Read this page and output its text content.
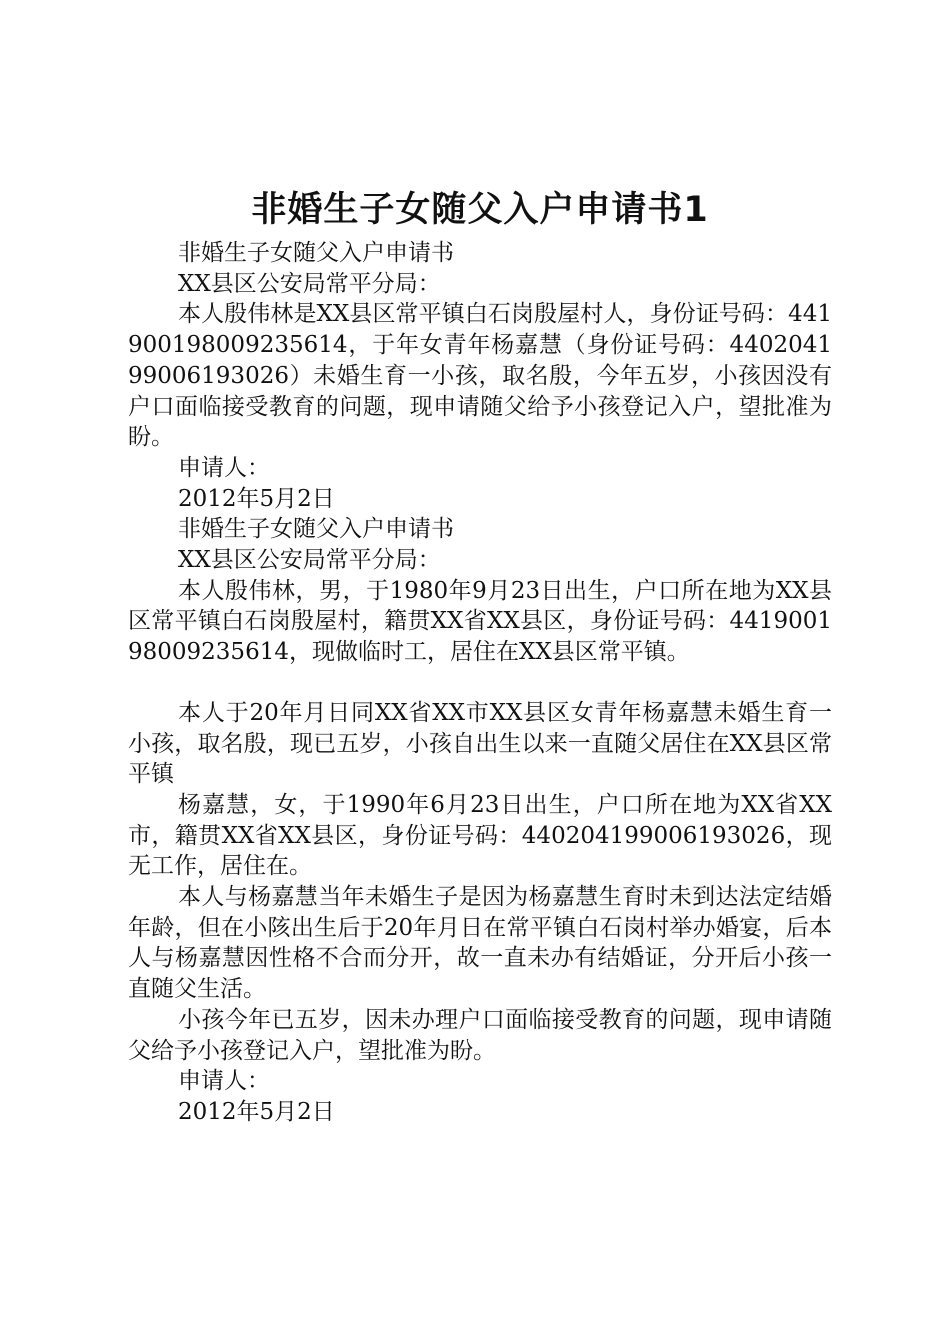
非婚生子女随父入户申请书1

非婚生子女随父入户申请书

XX县区公安局常平分局：

本人殷伟林是XX县区常平镇白石岗殷屋村人，身份证号码：441900198009235614，于年女青年杨嘉慧（身份证号码：440204199006193026）未婚生育一小孩，取名殷，今年五岁，小孩因没有户口面临接受教育的问题，现申请随父给予小孩登记入户，望批准为盼。

申请人：

2012年5月2日

非婚生子女随父入户申请书

XX县区公安局常平分局：

本人殷伟林，男，于1980年9月23日出生，户口所在地为XX县区常平镇白石岗殷屋村，籍贯XX省XX县区，身份证号码：441900198009235614，现做临时工，居住在XX县区常平镇。

本人于20年月日同XX省XX市XX县区女青年杨嘉慧未婚生育一小孩，取名殷，现已五岁，小孩自出生以来一直随父居住在XX县区常平镇

杨嘉慧，女，于1990年6月23日出生，户口所在地为XX省XX市，籍贯XX省XX县区，身份证号码：440204199006193026，现无工作，居住在。

本人与杨嘉慧当年未婚生子是因为杨嘉慧生育时未到达法定结婚年龄，但在小陔出生后于20年月日在常平镇白石岗村举办婚宴，后本人与杨嘉慧因性格不合而分开，故一直未办有结婚证，分开后小孩一直随父生活。

小孩今年已五岁，因未办理户口面临接受教育的问题，现申请随父给予小孩登记入户，望批准为盼。

申请人：

2012年5月2日
